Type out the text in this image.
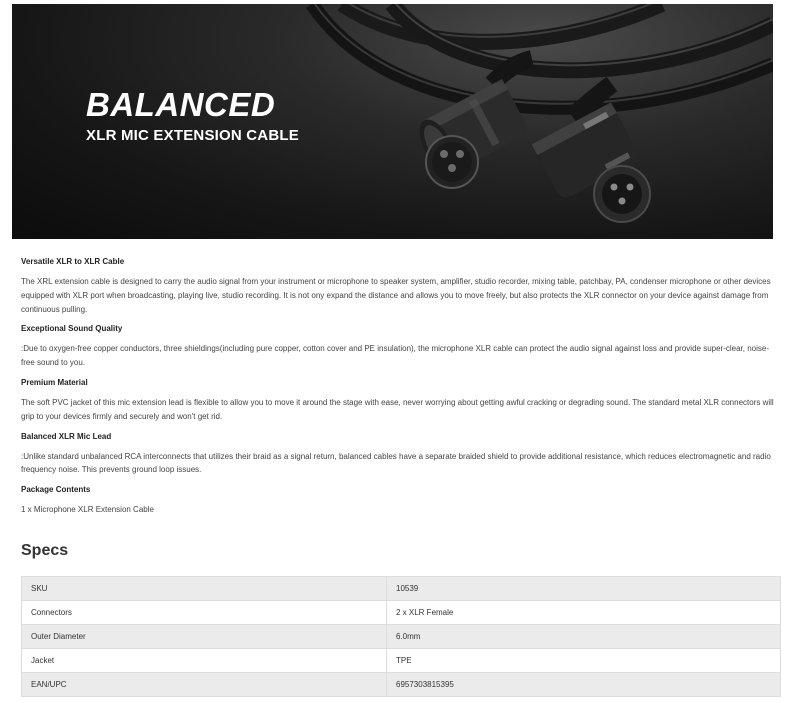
BALANCED
XLR MIC EXTENSION CABLE
Versatile XLR to XLR Cable
The XRL extension cable is designed to carry the audio signal from your instrument or microphone to speaker system, amplifier, studio recorder, mixing table, patchbay, PA, condenser microphone or other devices equipped with XLR port when broadcasting, playing live, studio recording. It is not ony expand the distance and allows you to move freely, but also protects the XLR connector on your device against damage from continuous pulling.
Exceptional Sound Quality
:Due to oxygen-free copper conductors, three shieldings(including pure copper, cotton cover and PE insulation), the microphone XLR cable can protect the audio signal against loss and provide super-clear, noise-free sound to you.
Premium Material
The soft PVC jacket of this mic extension lead is flexible to allow you to move it around the stage with ease, never worrying about getting awful cracking or degrading sound. The standard metal XLR connectors will grip to your devices firmly and securely and won't get rid.
Balanced XLR Mic Lead
:Unlike standard unbalanced RCA interconnects that utilizes their braid as a signal return, balanced cables have a separate braided shield to provide additional resistance, which reduces electromagnetic and radio frequency noise. This prevents ground loop issues.
Package Contents
1 x Microphone XLR Extension Cable
Specs
SKU	10539
Connectors	2 x XLR Female
Outer Diameter	6.0mm
Jacket	TPE
EAN/UPC	6957303815395
